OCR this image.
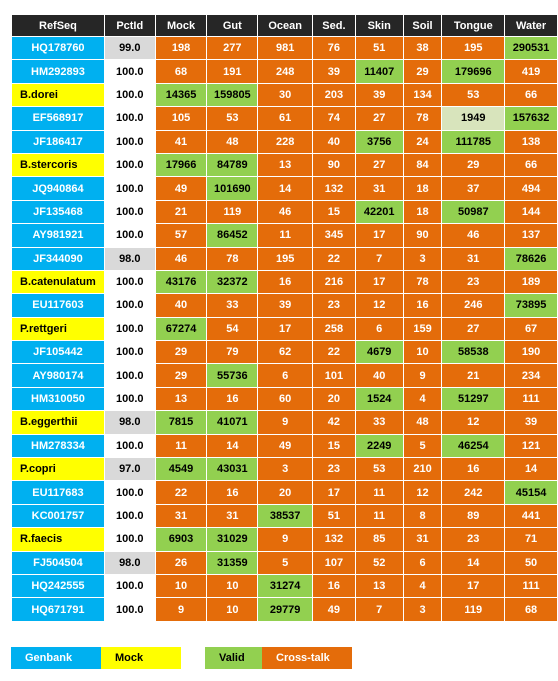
RefSeq	PctId	Mock	Gut	Ocean	Sed.	Skin	Soil	Tongue	Water
HQ178760	99.0	198	277	981	76	51	38	195	290531
HM292893	100.0	68	191	248	39	11407	29	179696	419
B.dorei	100.0	14365	159805	30	203	39	134	53	66
EF568917	100.0	105	53	61	74	27	78	1949	157632
JF186417	100.0	41	48	228	40	3756	24	111785	138
B.stercoris	100.0	17966	84789	13	90	27	84	29	66
JQ940864	100.0	49	101690	14	132	31	18	37	494
JF135468	100.0	21	119	46	15	42201	18	50987	144
AY981921	100.0	57	86452	11	345	17	90	46	137
JF344090	98.0	46	78	195	22	7	3	31	78626
B.catenulatum	100.0	43176	32372	16	216	17	78	23	189
EU117603	100.0	40	33	39	23	12	16	246	73895
P.rettgeri	100.0	67274	54	17	258	6	159	27	67
JF105442	100.0	29	79	62	22	4679	10	58538	190
AY980174	100.0	29	55736	6	101	40	9	21	234
HM310050	100.0	13	16	60	20	1524	4	51297	111
B.eggerthii	98.0	7815	41071	9	42	33	48	12	39
HM278334	100.0	11	14	49	15	2249	5	46254	121
P.copri	97.0	4549	43031	3	23	53	210	16	14
EU117683	100.0	22	16	20	17	11	12	242	45154
KC001757	100.0	31	31	38537	51	11	8	89	441
R.faecis	100.0	6903	31029	9	132	85	31	23	71
FJ504504	98.0	26	31359	5	107	52	6	14	50
HQ242555	100.0	10	10	31274	16	13	4	17	111
HQ671791	100.0	9	10	29779	49	7	3	119	68
Genbank	Mock	Valid	Cross-talk
